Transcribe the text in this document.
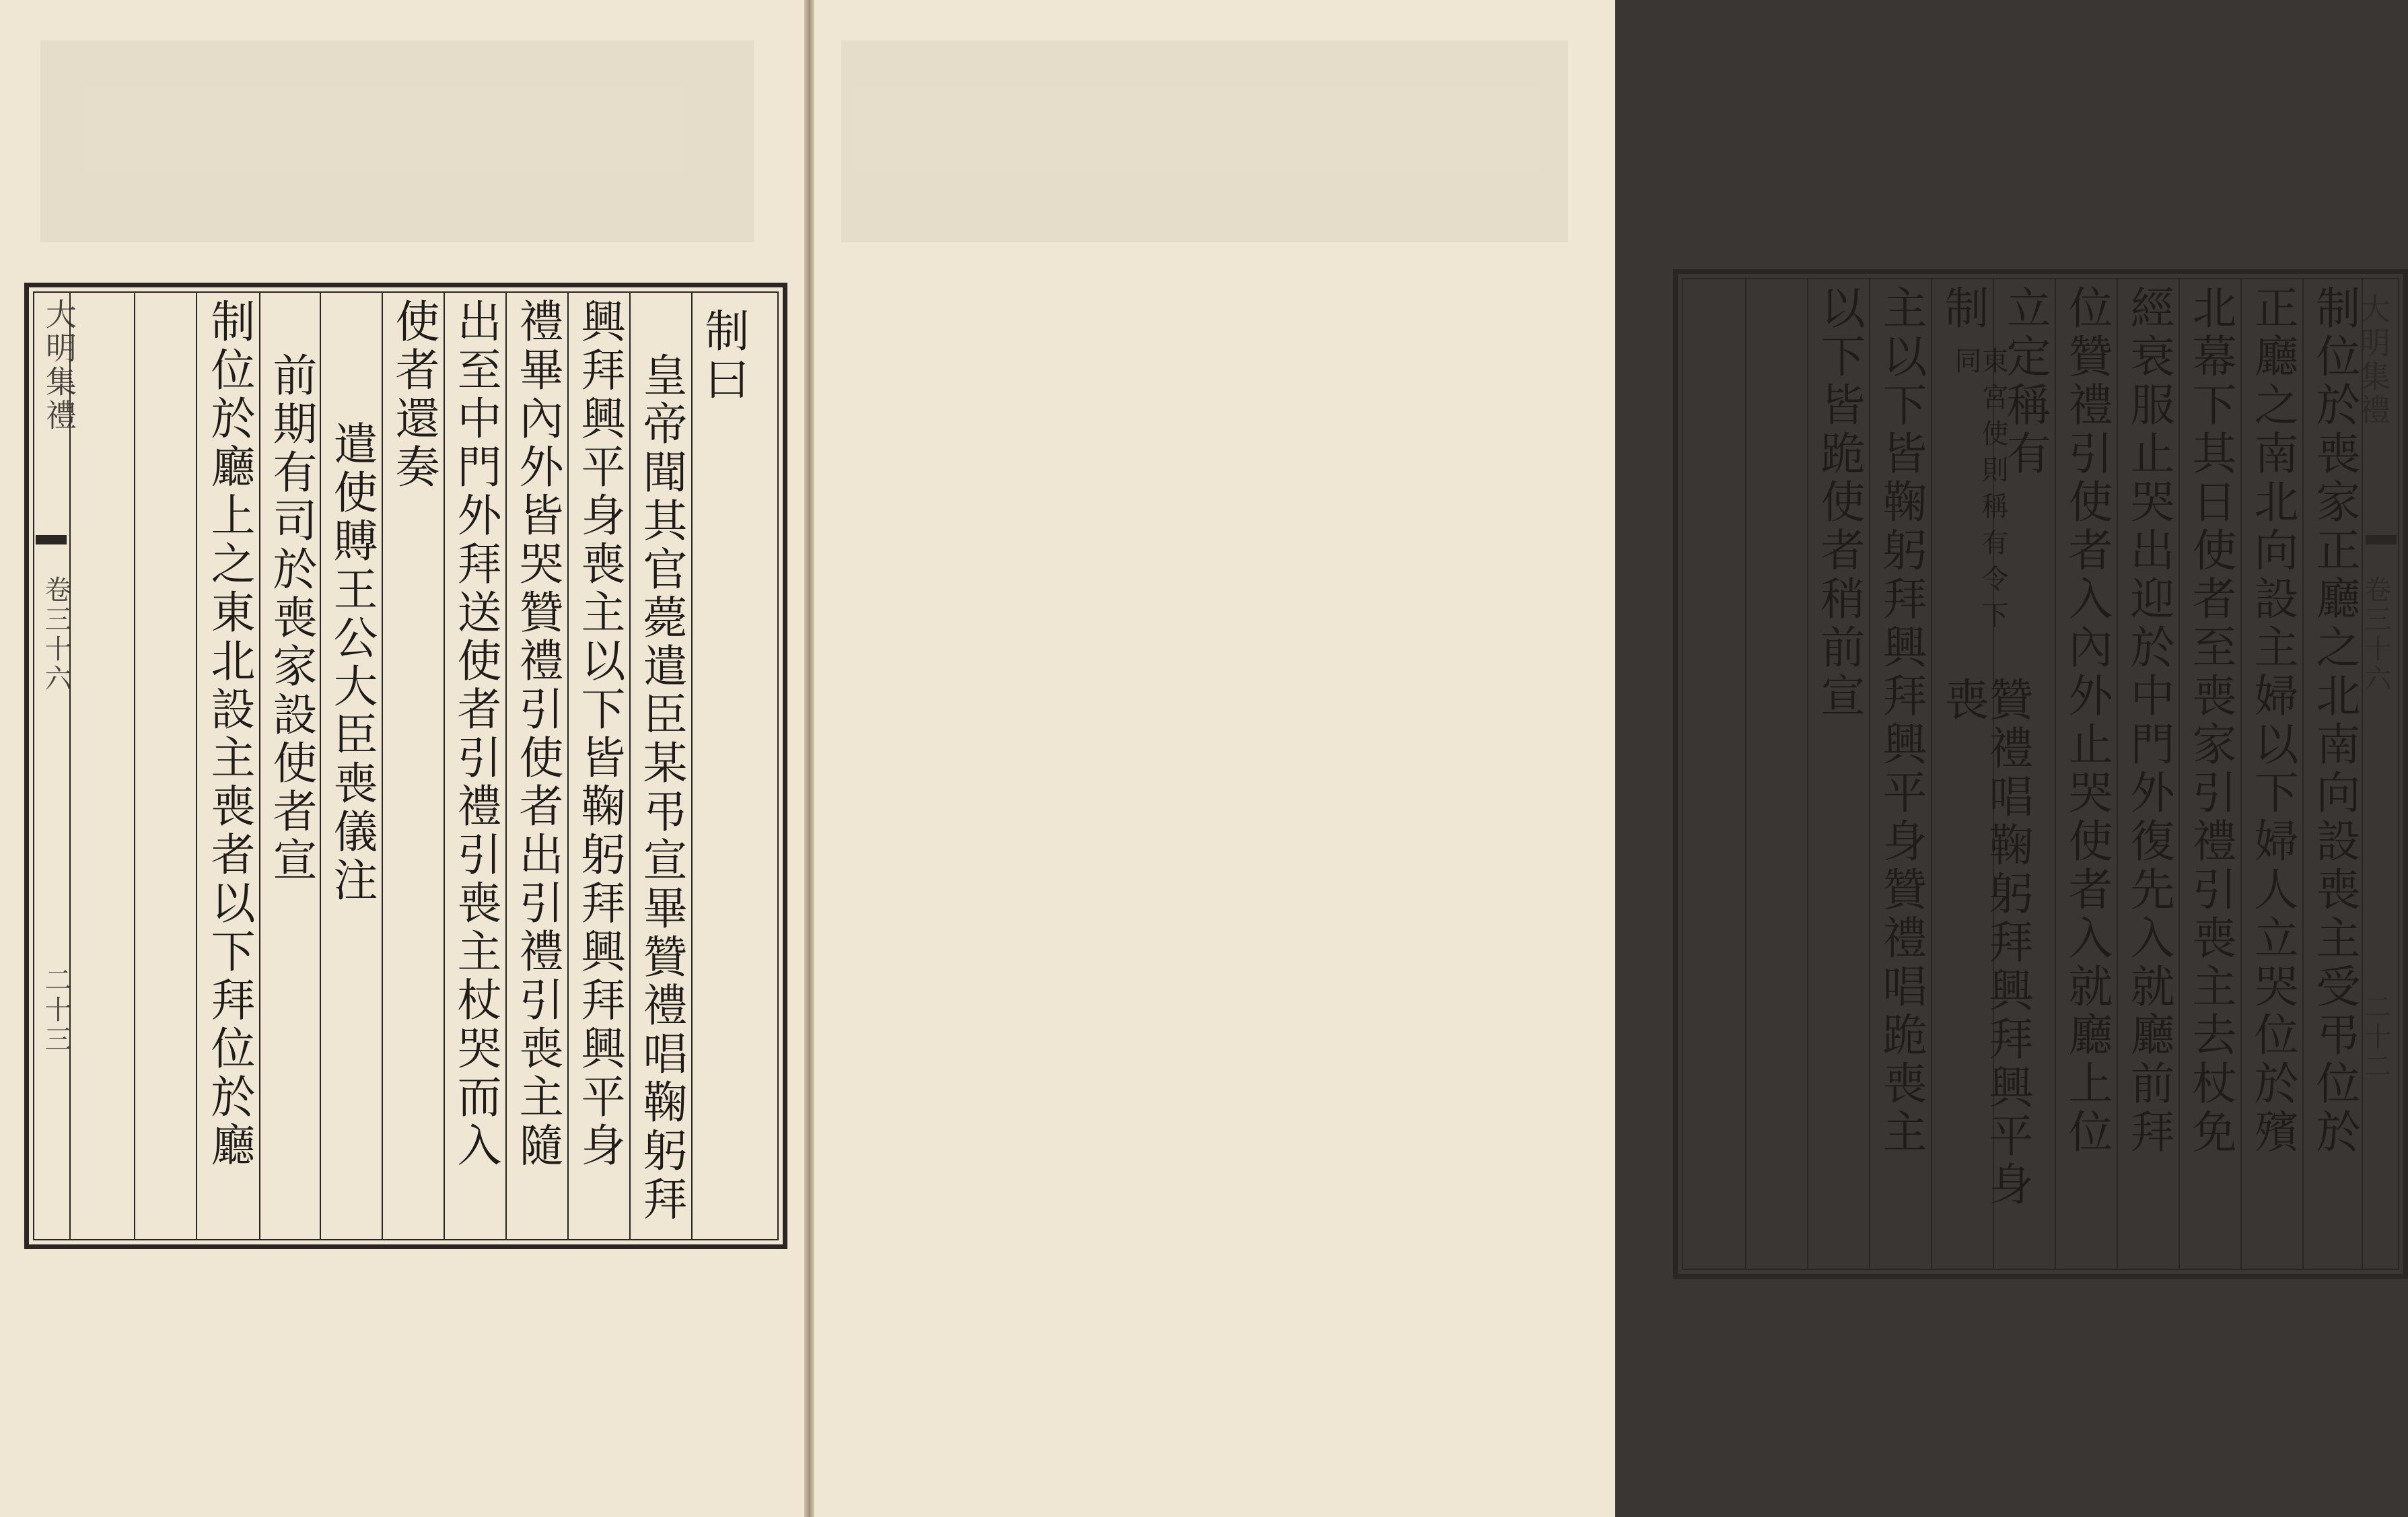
大明集禮
卷三十六
二十三
制曰
皇帝聞其官薨遣臣某弔宣畢贊禮唱鞠躬拜
興拜興平身喪主以下皆鞠躬拜興拜興平身
禮畢內外皆哭贊禮引使者出引禮引喪主隨
出至中門外拜送使者引禮引喪主杖哭而入
使者還奏
遣使賻王公大臣喪儀注
前期有司於喪家設使者宣
制位於廳上之東北設主喪者以下拜位於廳	大明集禮
卷三十六
二十二
制位於喪家正廳之北南向設喪主受弔位於
正廳之南北向設主婦以下婦人立哭位於殯
北幕下其日使者至喪家引禮引喪主去杖免
經衰服止哭出迎於中門外復先入就廳前拜
位贊禮引使者入內外止哭使者入就廳上位
立定稱有
制
東宮使則稱有令下同
贊禮唱鞠躬拜興拜興平身喪
主以下皆鞠躬拜興拜興平身贊禮唱跪喪主
以下皆跪使者稍前宣
